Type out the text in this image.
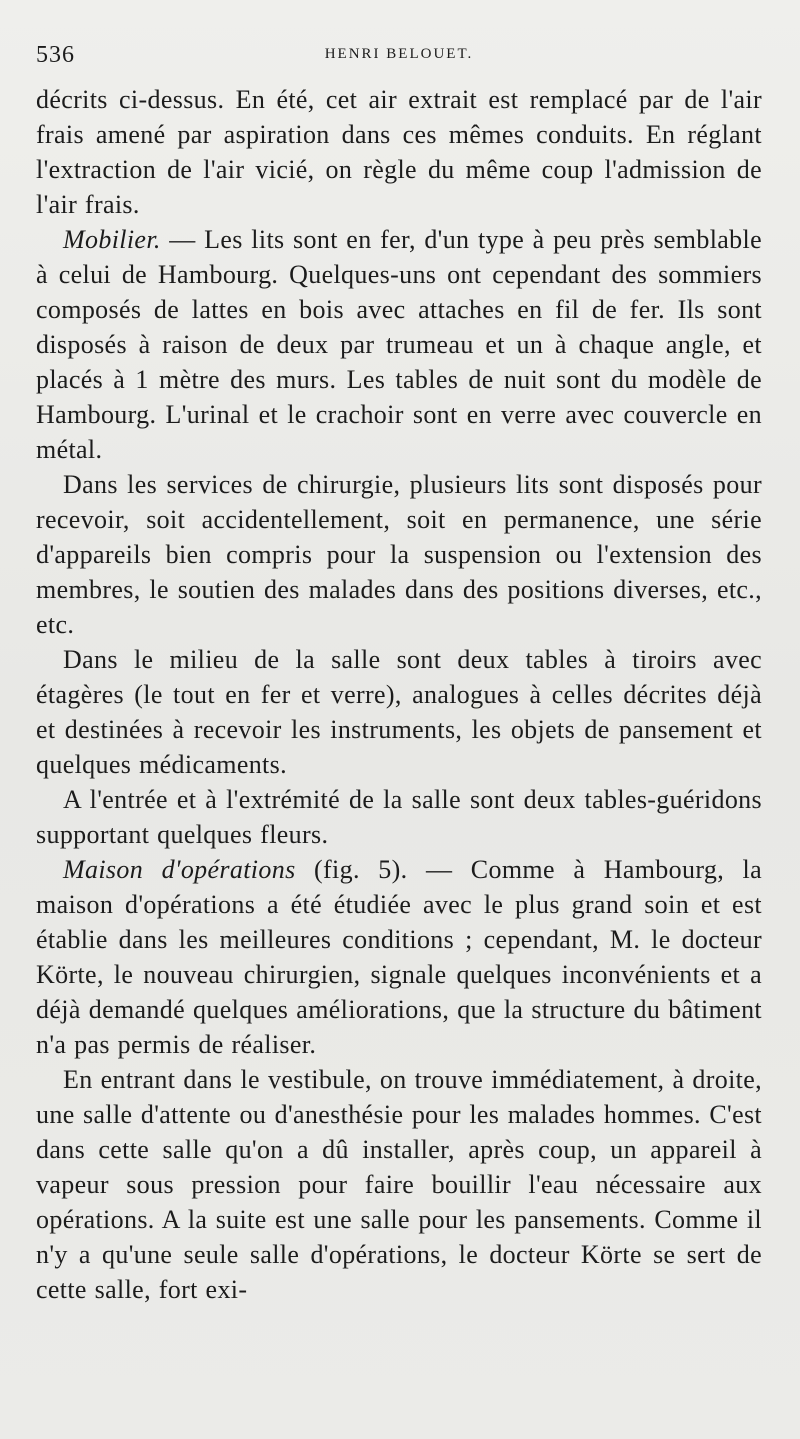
536	HENRI BELOUET.

décrits ci-dessus. En été, cet air extrait est remplacé par de l'air frais amené par aspiration dans ces mêmes conduits. En réglant l'extraction de l'air vicié, on règle du même coup l'admission de l'air frais.

Mobilier. — Les lits sont en fer, d'un type à peu près semblable à celui de Hambourg. Quelques-uns ont cependant des sommiers composés de lattes en bois avec attaches en fil de fer. Ils sont disposés à raison de deux par trumeau et un à chaque angle, et placés à 1 mètre des murs. Les tables de nuit sont du modèle de Hambourg. L'urinal et le crachoir sont en verre avec couvercle en métal.

Dans les services de chirurgie, plusieurs lits sont disposés pour recevoir, soit accidentellement, soit en permanence, une série d'appareils bien compris pour la suspension ou l'extension des membres, le soutien des malades dans des positions diverses, etc., etc.

Dans le milieu de la salle sont deux tables à tiroirs avec étagères (le tout en fer et verre), analogues à celles décrites déjà et destinées à recevoir les instruments, les objets de pansement et quelques médicaments.

A l'entrée et à l'extrémité de la salle sont deux tables-guéridons supportant quelques fleurs.

Maison d'opérations (fig. 5). — Comme à Hambourg, la maison d'opérations a été étudiée avec le plus grand soin et est établie dans les meilleures conditions ; cependant, M. le docteur Körte, le nouveau chirurgien, signale quelques inconvénients et a déjà demandé quelques améliorations, que la structure du bâtiment n'a pas permis de réaliser.

En entrant dans le vestibule, on trouve immédiatement, à droite, une salle d'attente ou d'anesthésie pour les malades hommes. C'est dans cette salle qu'on a dû installer, après coup, un appareil à vapeur sous pression pour faire bouillir l'eau nécessaire aux opérations. A la suite est une salle pour les pansements. Comme il n'y a qu'une seule salle d'opérations, le docteur Körte se sert de cette salle, fort exi-
